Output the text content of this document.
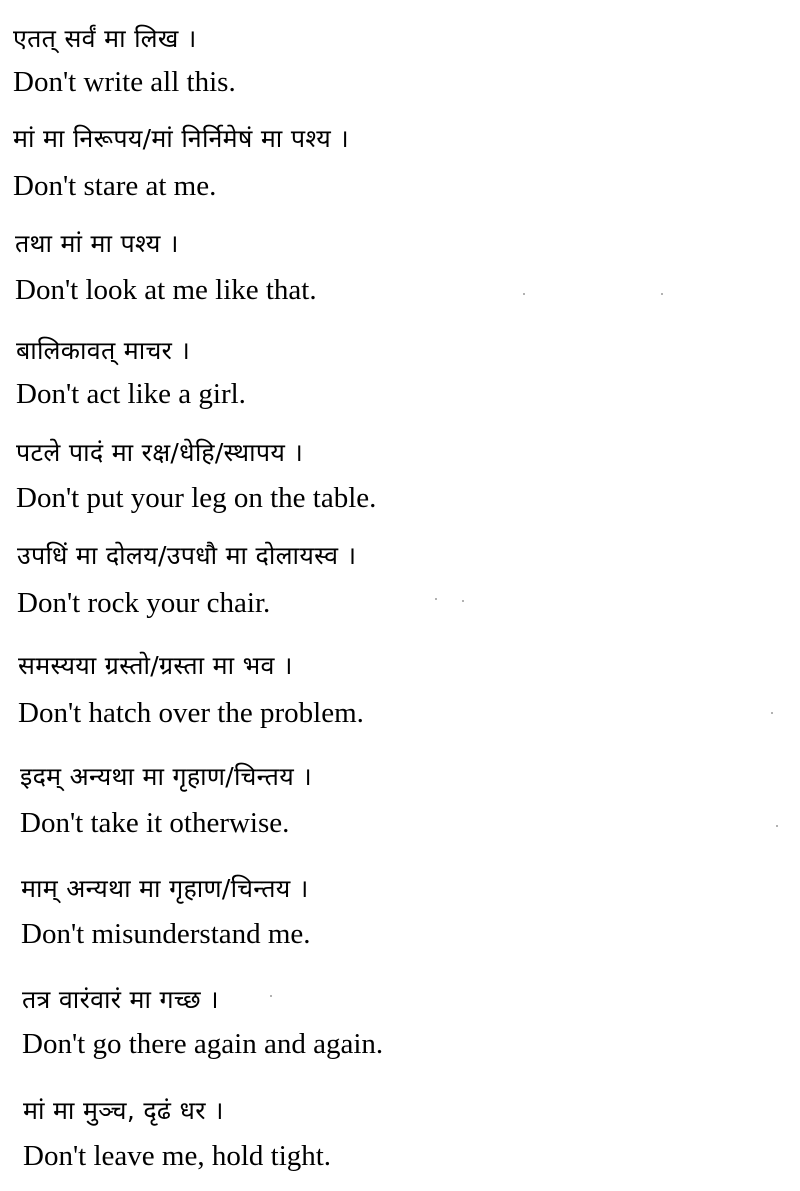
एतत् सर्वं मा लिख ।
Don't write all this.
मां मा निरूपय/मां निर्निमेषं मा पश्य ।
Don't stare at me.
तथा मां मा पश्य ।
Don't look at me like that.
बालिकावत् माचर ।
Don't act like a girl.
पटले पादं मा रक्ष/धेहि/स्थापय ।
Don't put your leg on the table.
उपधिं मा दोलय/उपधौ मा दोलायस्व ।
Don't rock your chair.
समस्यया ग्रस्तो/ग्रस्ता मा भव ।
Don't hatch over the problem.
इदम् अन्यथा मा गृहाण/चिन्तय ।
Don't take it otherwise.
माम् अन्यथा मा गृहाण/चिन्तय ।
Don't misunderstand me.
तत्र वारंवारं मा गच्छ ।
Don't go there again and again.
मां मा मुञ्च, दृढं धर ।
Don't leave me, hold tight.
